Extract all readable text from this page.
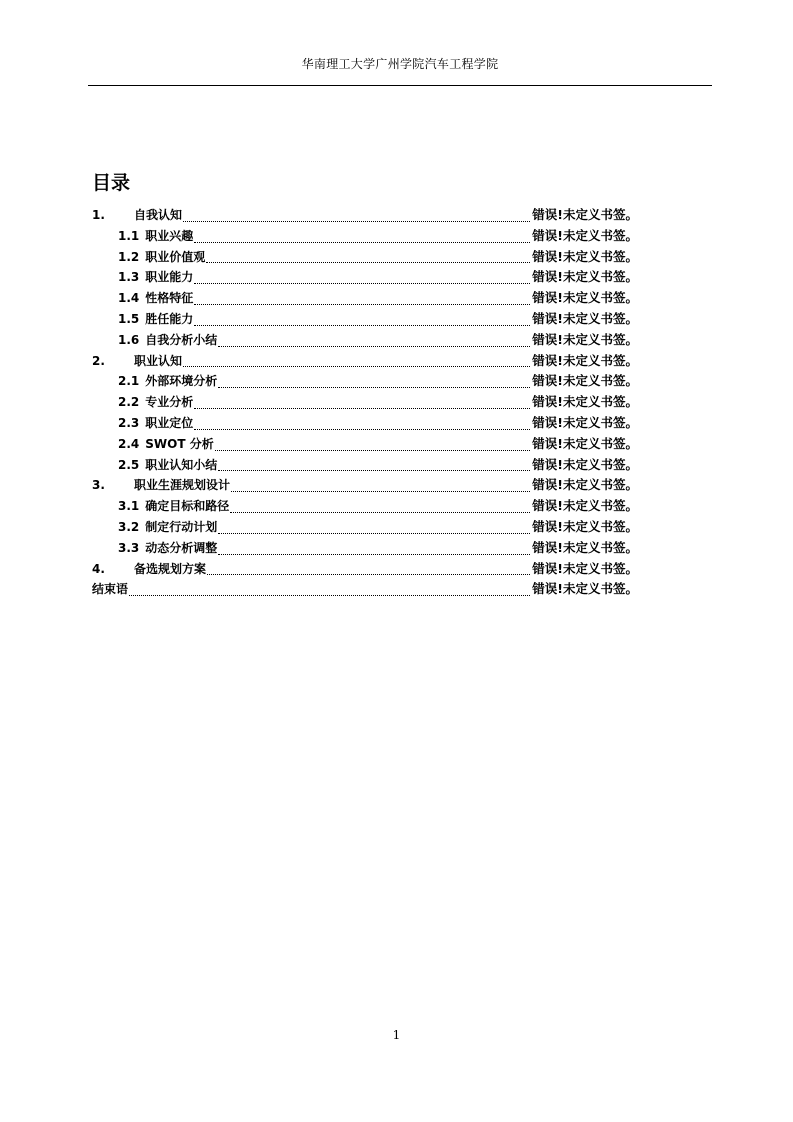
华南理工大学广州学院汽车工程学院
目录
1.	自我认知	错误!未定义书签。
1.1 职业兴趣	错误!未定义书签。
1.2 职业价值观	错误!未定义书签。
1.3 职业能力	错误!未定义书签。
1.4 性格特征	错误!未定义书签。
1.5 胜任能力	错误!未定义书签。
1.6 自我分析小结	错误!未定义书签。
2.	职业认知	错误!未定义书签。
2.1 外部环境分析	错误!未定义书签。
2.2 专业分析	错误!未定义书签。
2.3 职业定位	错误!未定义书签。
2.4 SWOT 分析	错误!未定义书签。
2.5 职业认知小结	错误!未定义书签。
3.	职业生涯规划设计	错误!未定义书签。
3.1 确定目标和路径	错误!未定义书签。
3.2 制定行动计划	错误!未定义书签。
3.3 动态分析调整	错误!未定义书签。
4.	备选规划方案	错误!未定义书签。
结束语	错误!未定义书签。
1
